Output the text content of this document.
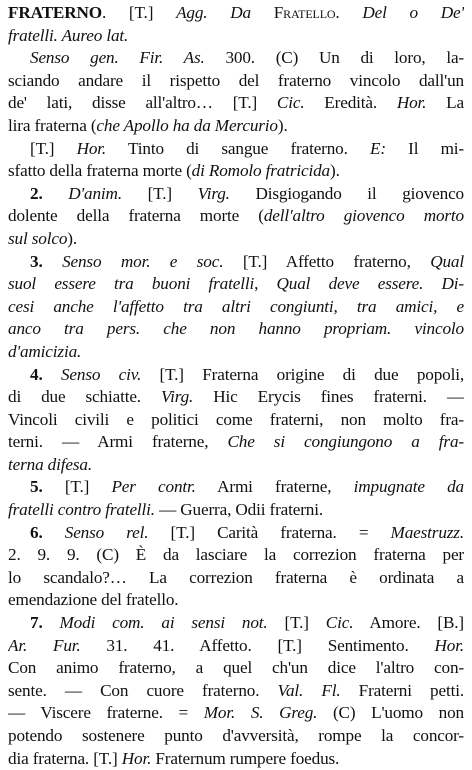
FRATERNO. [T.] Agg. Da Fratello. Del o De'
fratelli. Aureo lat.
Senso gen. Fir. As. 300. (C) Un di loro, la-
sciando andare il rispetto del fraterno vincolo dall'un
de' lati, disse all'altro… [T.] Cic. Eredità. Hor. La
lira fraterna (che Apollo ha da Mercurio).
[T.] Hor. Tinto di sangue fraterno. E: Il mi-
sfatto della fraterna morte (di Romolo fratricida).
2. D'anim. [T.] Virg. Disgiogando il giovenco
dolente della fraterna morte (dell'altro giovenco morto
sul solco).
3. Senso mor. e soc. [T.] Affetto fraterno, Qual
suol essere tra buoni fratelli, Qual deve essere. Di-
cesi anche l'affetto tra altri congiunti, tra amici, e
anco tra pers. che non hanno propriam. vincolo
d'amicizia.
4. Senso civ. [T.] Fraterna origine di due popoli,
di due schiatte. Virg. Hic Erycis fines fraterni. —
Vincoli civili e politici come fraterni, non molto fra-
terni. — Armi fraterne, Che si congiungono a fra-
terna difesa.
5. [T.] Per contr. Armi fraterne, impugnate da
fratelli contro fratelli. — Guerra, Odii fraterni.
6. Senso rel. [T.] Carità fraterna. = Maestruzz.
2. 9. 9. (C) È da lasciare la correzion fraterna per
lo scandalo?… La correzion fraterna è ordinata a
emendazione del fratello.
7. Modi com. ai sensi not. [T.] Cic. Amore. [B.]
Ar. Fur. 31. 41. Affetto. [T.] Sentimento. Hor.
Con animo fraterno, a quel ch'un dice l'altro con-
sente. — Con cuore fraterno. Val. Fl. Fraterni petti.
— Viscere fraterne. = Mor. S. Greg. (C) L'uomo non
potendo sostenere punto d'avversità, rompe la concor-
dia fraterna. [T.] Hor. Fraternum rumpere foedus.
